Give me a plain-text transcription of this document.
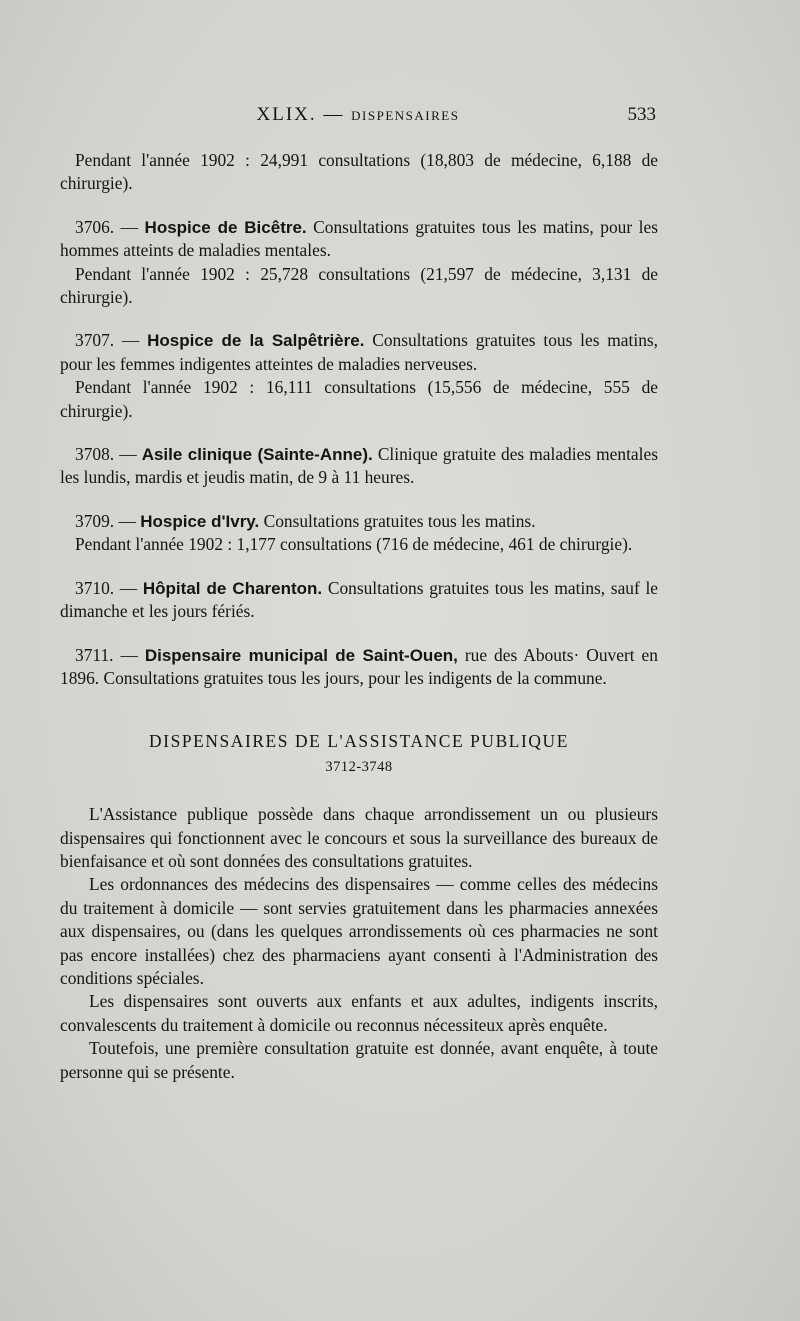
XLIX. — DISPENSAIRES	533

Pendant l'année 1902 : 24,991 consultations (18,803 de médecine, 6,188 de chirurgie).

3706. — Hospice de Bicêtre. Consultations gratuites tous les matins, pour les hommes atteints de maladies mentales.

Pendant l'année 1902 : 25,728 consultations (21,597 de médecine, 3,131 de chirurgie).

3707. — Hospice de la Salpêtrière. Consultations gratuites tous les matins, pour les femmes indigentes atteintes de maladies nerveuses.

Pendant l'année 1902 : 16,111 consultations (15,556 de médecine, 555 de chirurgie).

3708. — Asile clinique (Sainte-Anne). Clinique gratuite des maladies mentales les lundis, mardis et jeudis matin, de 9 à 11 heures.

3709. — Hospice d'Ivry. Consultations gratuites tous les matins.

Pendant l'année 1902 : 1,177 consultations (716 de médecine, 461 de chirurgie).

3710. — Hôpital de Charenton. Consultations gratuites tous les matins, sauf le dimanche et les jours fériés.

3711. — Dispensaire municipal de Saint-Ouen, rue des Abouts· Ouvert en 1896. Consultations gratuites tous les jours, pour les indigents de la commune.

DISPENSAIRES DE L'ASSISTANCE PUBLIQUE
3712-3748

L'Assistance publique possède dans chaque arrondissement un ou plusieurs dispensaires qui fonctionnent avec le concours et sous la surveillance des bureaux de bienfaisance et où sont données des consultations gratuites.

Les ordonnances des médecins des dispensaires — comme celles des médecins du traitement à domicile — sont servies gratuitement dans les pharmacies annexées aux dispensaires, ou (dans les quelques arrondissements où ces pharmacies ne sont pas encore installées) chez des pharmaciens ayant consenti à l'Administration des conditions spéciales.

Les dispensaires sont ouverts aux enfants et aux adultes, indigents inscrits, convalescents du traitement à domicile ou reconnus nécessiteux après enquête.

Toutefois, une première consultation gratuite est donnée, avant enquête, à toute personne qui se présente.
